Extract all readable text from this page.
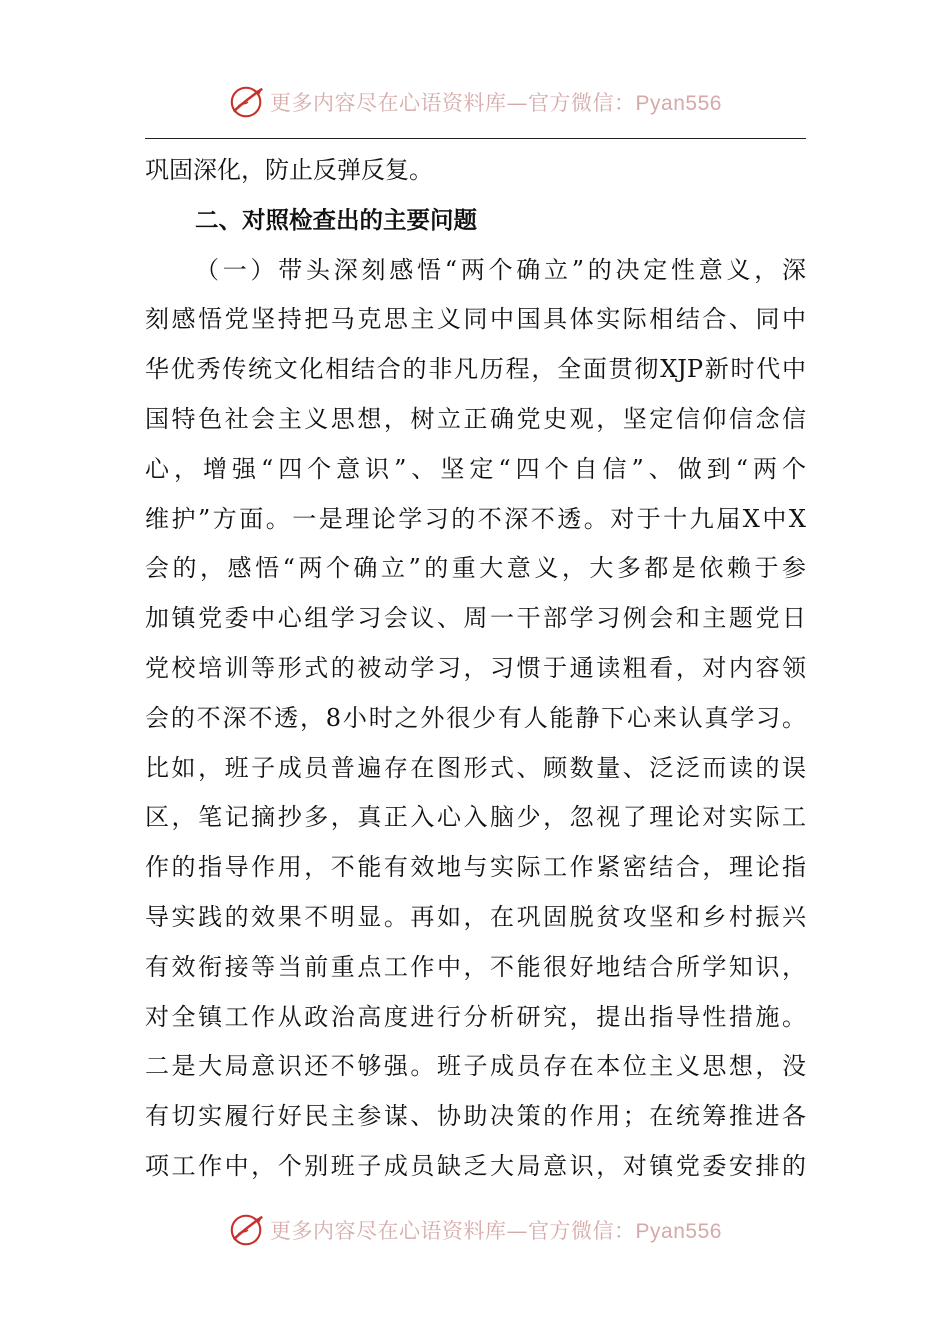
更多内容尽在心语资料库—官方微信：Pyan556
巩固深化，防止反弹反复。
二、对照检查出的主要问题
（一）带头深刻感悟“两个确立”的决定性意义，深
刻感悟党坚持把马克思主义同中国具体实际相结合、同中
华优秀传统文化相结合的非凡历程，全面贯彻XJP新时代中
国特色社会主义思想，树立正确党史观，坚定信仰信念信
心，增强“四个意识”、坚定“四个自信”、做到“两个
维护”方面。一是理论学习的不深不透。对于十九届X中X
会的，感悟“两个确立”的重大意义，大多都是依赖于参
加镇党委中心组学习会议、周一干部学习例会和主题党日
党校培训等形式的被动学习，习惯于通读粗看，对内容领
会的不深不透，8小时之外很少有人能静下心来认真学习。
比如，班子成员普遍存在图形式、顾数量、泛泛而读的误
区，笔记摘抄多，真正入心入脑少，忽视了理论对实际工
作的指导作用，不能有效地与实际工作紧密结合，理论指
导实践的效果不明显。再如，在巩固脱贫攻坚和乡村振兴
有效衔接等当前重点工作中，不能很好地结合所学知识，
对全镇工作从政治高度进行分析研究，提出指导性措施。
二是大局意识还不够强。班子成员存在本位主义思想，没
有切实履行好民主参谋、协助决策的作用；在统筹推进各
项工作中，个别班子成员缺乏大局意识，对镇党委安排的
更多内容尽在心语资料库—官方微信：Pyan556
